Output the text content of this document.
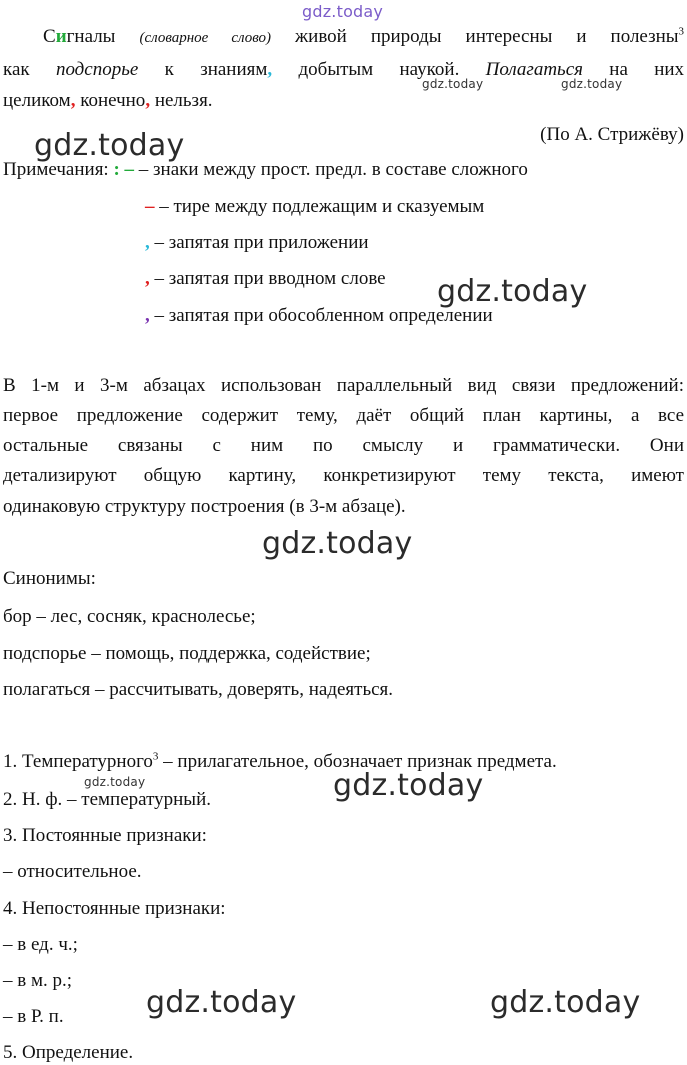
gdz.today
Сигналы (словарное слово) живой природы интересны и полезны$^3$
как подспорье к знаниям, добытым наукой. Полагаться на них
целиком, конечно, нельзя.
gdz.today	gdz.today
(По А. Стрижёву)
gdz.today
Примечания: : – – знаки между прост. предл. в составе сложного
– – тире между подлежащим и сказуемым
, – запятая при приложении
, – запятая при вводном слове gdz.today
, – запятая при обособленном определении
В 1-м и 3-м абзацах использован параллельный вид связи предложений:
первое предложение содержит тему, даёт общий план картины, а все
остальные связаны с ним по смыслу и грамматически. Они
детализируют общую картину, конкретизируют тему текста, имеют
одинаковую структуру построения (в 3-м абзаце).
gdz.today
Синонимы:
бор – лес, сосняк, краснолесье;
подспорье – помощь, поддержка, содействие;
полагаться – рассчитывать, доверять, надеяться.
1. Температурного$^3$ – прилагательное, обозначает признак предмета.
gdz.today	gdz.today
2. Н. ф. – температурный.
3. Постоянные признаки:
– относительное.
4. Непостоянные признаки:
– в ед. ч.;
– в м. р.;
– в Р. п.	gdz.today	gdz.today
5. Определение.
